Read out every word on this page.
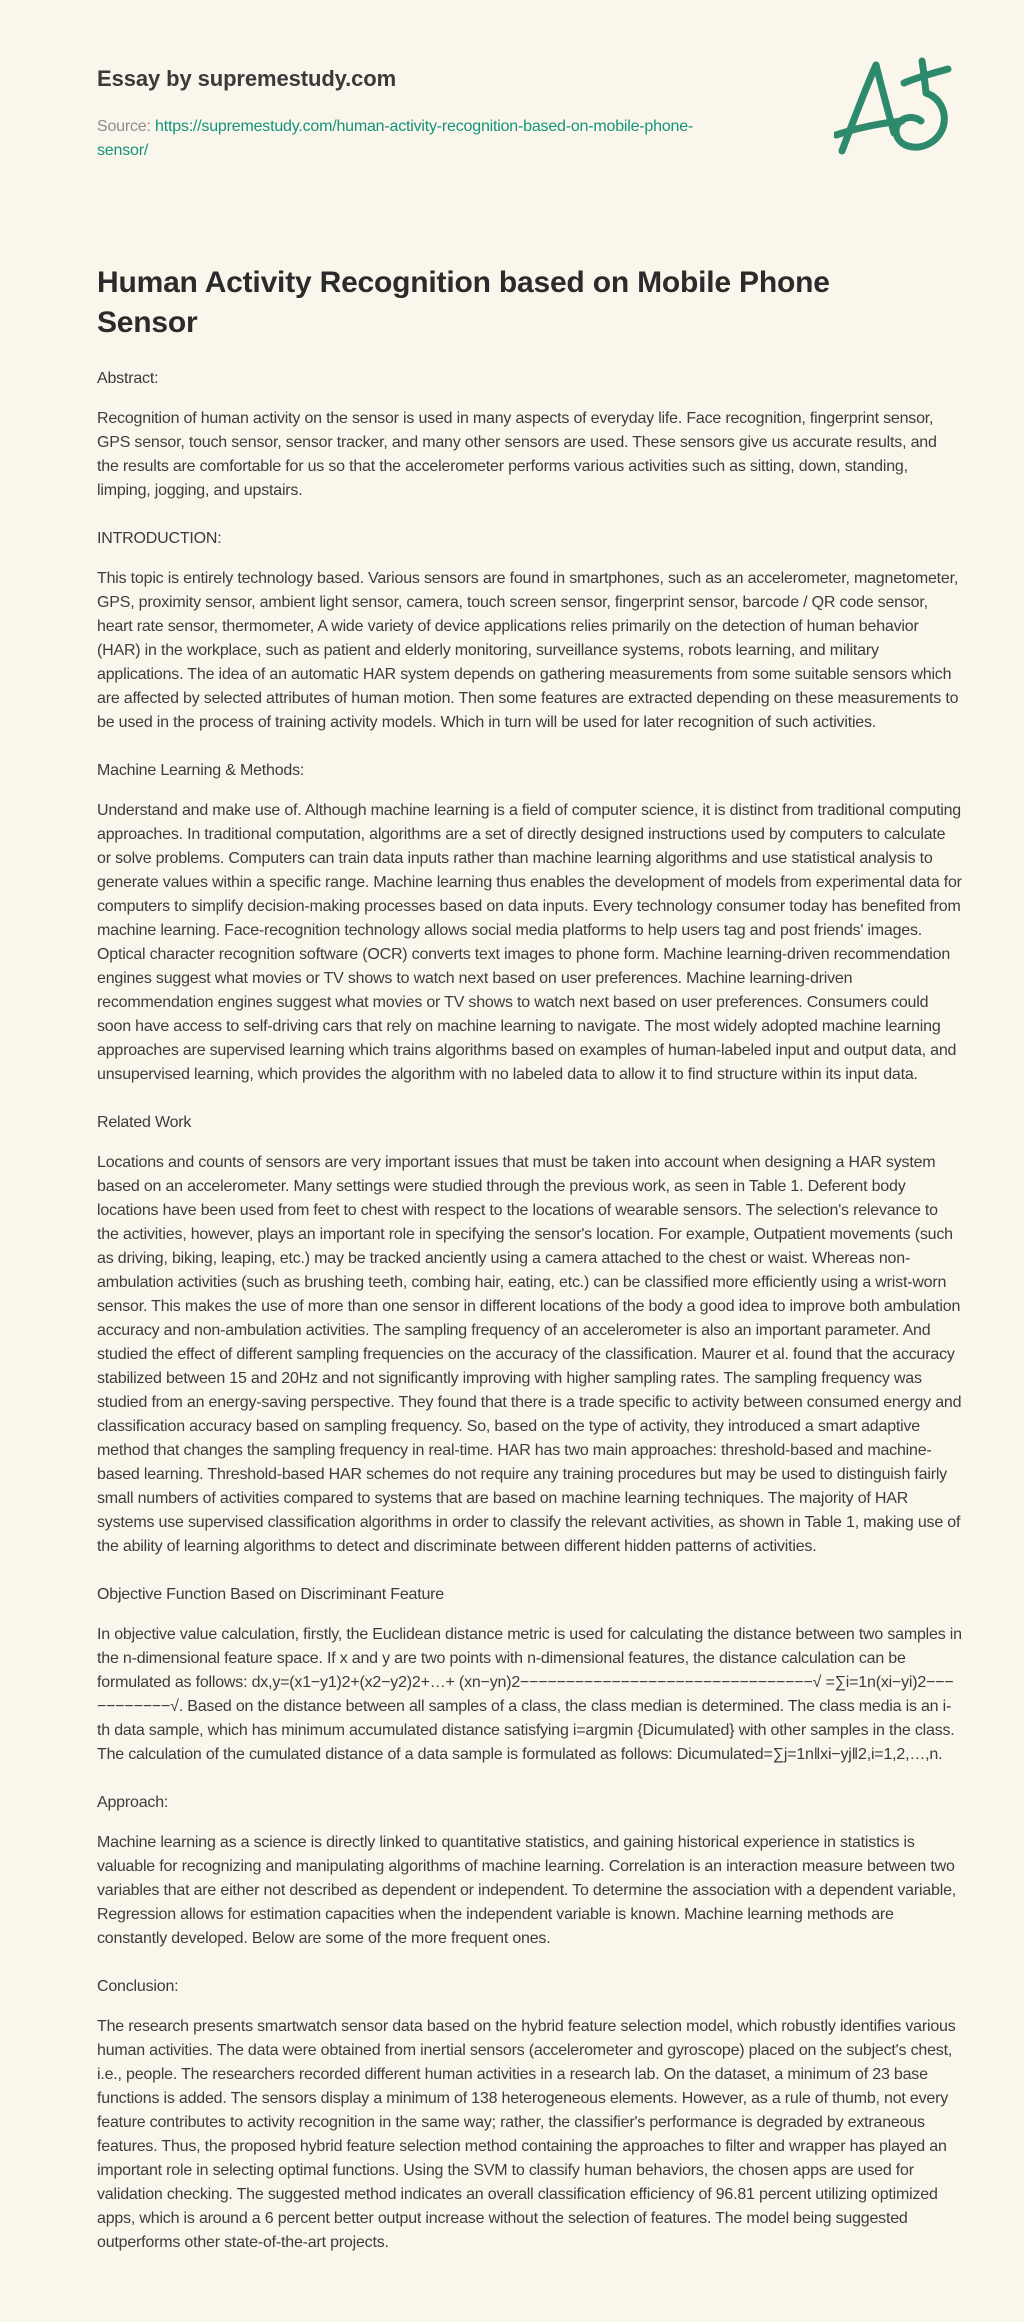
Essay by supremestudy.com

Source: https://supremestudy.com/human-activity-recognition-based-on-mobile-phone-sensor/

Human Activity Recognition based on Mobile Phone Sensor
Abstract:

Recognition of human activity on the sensor is used in many aspects of everyday life. Face recognition, fingerprint sensor, GPS sensor, touch sensor, sensor tracker, and many other sensors are used. These sensors give us accurate results, and the results are comfortable for us so that the accelerometer performs various activities such as sitting, down, standing, limping, jogging, and upstairs.

INTRODUCTION:

This topic is entirely technology based. Various sensors are found in smartphones, such as an accelerometer, magnetometer, GPS, proximity sensor, ambient light sensor, camera, touch screen sensor, fingerprint sensor, barcode / QR code sensor, heart rate sensor, thermometer, A wide variety of device applications relies primarily on the detection of human behavior (HAR) in the workplace, such as patient and elderly monitoring, surveillance systems, robots learning, and military applications. The idea of an automatic HAR system depends on gathering measurements from some suitable sensors which are affected by selected attributes of human motion. Then some features are extracted depending on these measurements to be used in the process of training activity models. Which in turn will be used for later recognition of such activities.

Machine Learning & Methods:

Understand and make use of. Although machine learning is a field of computer science, it is distinct from traditional computing approaches. In traditional computation, algorithms are a set of directly designed instructions used by computers to calculate or solve problems. Computers can train data inputs rather than machine learning algorithms and use statistical analysis to generate values within a specific range. Machine learning thus enables the development of models from experimental data for computers to simplify decision-making processes based on data inputs. Every technology consumer today has benefited from machine learning. Face-recognition technology allows social media platforms to help users tag and post friends' images. Optical character recognition software (OCR) converts text images to phone form. Machine learning-driven recommendation engines suggest what movies or TV shows to watch next based on user preferences. Machine learning-driven recommendation engines suggest what movies or TV shows to watch next based on user preferences. Consumers could soon have access to self-driving cars that rely on machine learning to navigate. The most widely adopted machine learning approaches are supervised learning which trains algorithms based on examples of human-labeled input and output data, and unsupervised learning, which provides the algorithm with no labeled data to allow it to find structure within its input data.

Related Work

Locations and counts of sensors are very important issues that must be taken into account when designing a HAR system based on an accelerometer. Many settings were studied through the previous work, as seen in Table 1. Deferent body locations have been used from feet to chest with respect to the locations of wearable sensors. The selection's relevance to the activities, however, plays an important role in specifying the sensor's location. For example, Outpatient movements (such as driving, biking, leaping, etc.) may be tracked anciently using a camera attached to the chest or waist. Whereas non-ambulation activities (such as brushing teeth, combing hair, eating, etc.) can be classified more efficiently using a wrist-worn sensor. This makes the use of more than one sensor in different locations of the body a good idea to improve both ambulation accuracy and non-ambulation activities. The sampling frequency of an accelerometer is also an important parameter. And studied the effect of different sampling frequencies on the accuracy of the classification. Maurer et al. found that the accuracy stabilized between 15 and 20Hz and not significantly improving with higher sampling rates. The sampling frequency was studied from an energy-saving perspective. They found that there is a trade specific to activity between consumed energy and classification accuracy based on sampling frequency. So, based on the type of activity, they introduced a smart adaptive method that changes the sampling frequency in real-time. HAR has two main approaches: threshold-based and machine-based learning. Threshold-based HAR schemes do not require any training procedures but may be used to distinguish fairly small numbers of activities compared to systems that are based on machine learning techniques. The majority of HAR systems use supervised classification algorithms in order to classify the relevant activities, as shown in Table 1, making use of the ability of learning algorithms to detect and discriminate between different hidden patterns of activities.

Objective Function Based on Discriminant Feature

In objective value calculation, firstly, the Euclidean distance metric is used for calculating the distance between two samples in the n-dimensional feature space. If x and y are two points with n-dimensional features, the distance calculation can be formulated as follows: dx,y=(x1−y1)2+(x2−y2)2+…+ (xn−yn)2−−−−−−−−−−−−−−−−−−−−−−−−−−−−−−−−√ =∑i=1n(xi−yi)2−−−−−−−−−−−√. Based on the distance between all samples of a class, the class median is determined. The class media is an i-th data sample, which has minimum accumulated distance satisfying i=argmin {Dicumulated} with other samples in the class. The calculation of the cumulated distance of a data sample is formulated as follows: Dicumulated=∑j=1n‖xi−yj‖2,i=1,2,…,n.

Approach:

Machine learning as a science is directly linked to quantitative statistics, and gaining historical experience in statistics is valuable for recognizing and manipulating algorithms of machine learning. Correlation is an interaction measure between two variables that are either not described as dependent or independent. To determine the association with a dependent variable, Regression allows for estimation capacities when the independent variable is known. Machine learning methods are constantly developed. Below are some of the more frequent ones.

Conclusion:

The research presents smartwatch sensor data based on the hybrid feature selection model, which robustly identifies various human activities. The data were obtained from inertial sensors (accelerometer and gyroscope) placed on the subject's chest, i.e., people. The researchers recorded different human activities in a research lab. On the dataset, a minimum of 23 base functions is added. The sensors display a minimum of 138 heterogeneous elements. However, as a rule of thumb, not every feature contributes to activity recognition in the same way; rather, the classifier's performance is degraded by extraneous features. Thus, the proposed hybrid feature selection method containing the approaches to filter and wrapper has played an important role in selecting optimal functions. Using the SVM to classify human behaviors, the chosen apps are used for validation checking. The suggested method indicates an overall classification efficiency of 96.81 percent utilizing optimized apps, which is around a 6 percent better output increase without the selection of features. The model being suggested outperforms other state-of-the-art projects.
